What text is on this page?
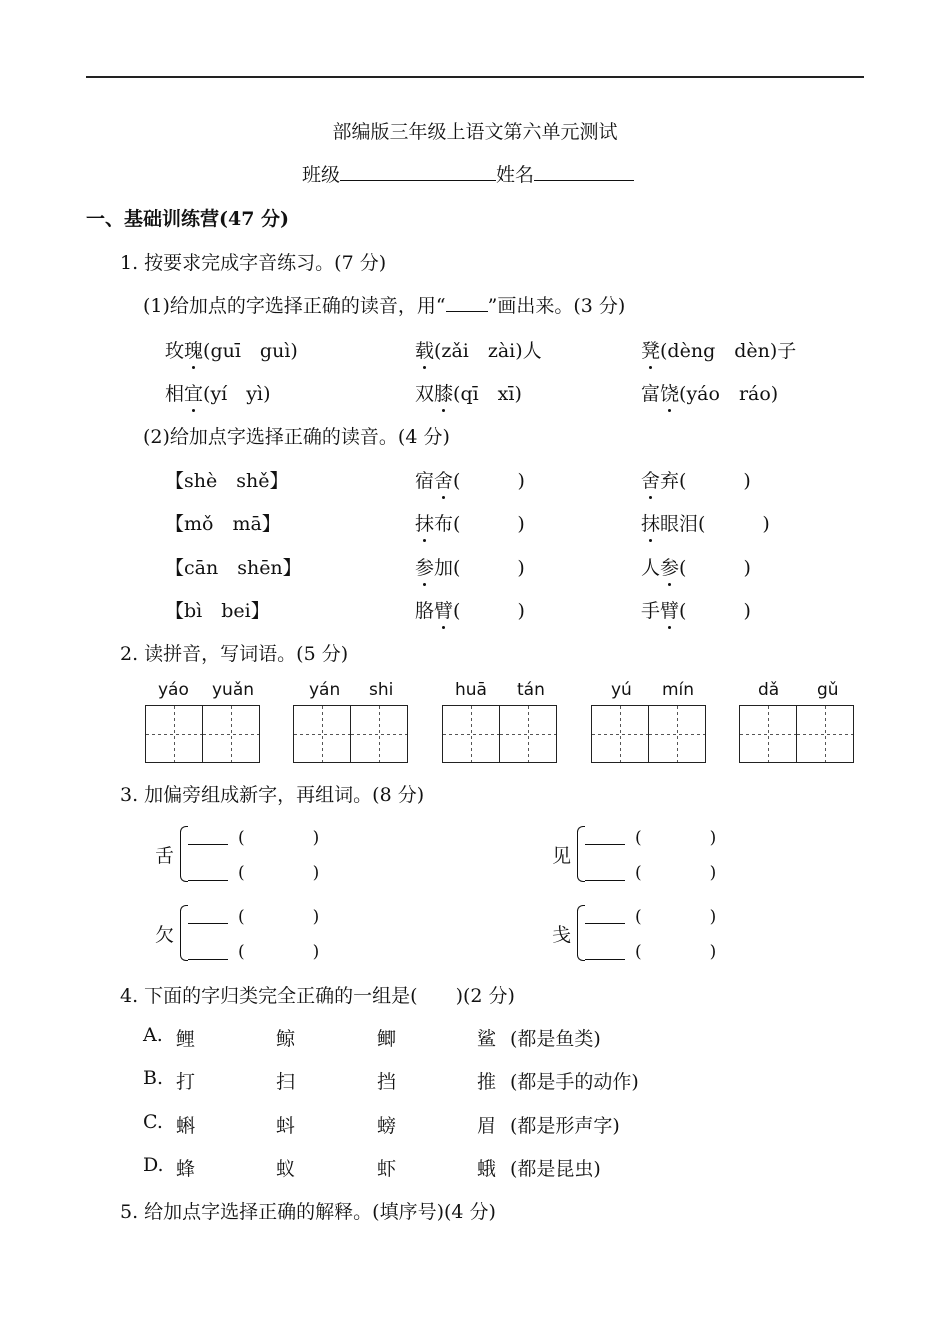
部编版三年级上语文第六单元测试
班级	姓名
一、基础训练营(47 分)
1. 按要求完成字音练习。(7 分)
(1)给加点的字选择正确的读音，用“ ”画出来。(3 分)
玫瑰(guī　guì)	载(zǎi　zài)人	凳(dèng　dèn)子
相宜(yí　yì)	双膝(qī　xī)	富饶(yáo　ráo)
(2)给加点字选择正确的读音。(4 分)
【shè　shě】	宿舍(　　　)	舍弃(　　　)
【mǒ　mā】	抹布(　　　)	抹眼泪(　　　)
【cān　shēn】	参加(　　　)	人参(　　　)
【bì　bei】	胳臂(　　　)	手臂(　　　)
2. 读拼音，写词语。(5 分)
yáo yuǎn	yán shi	huā tán	yú mín	dǎ gǔ
3. 加偏旁组成新字，再组词。(8 分)
舌
(　　　　)
(　　　　)
见
(　　　　)
(　　　　)
欠
(　　　　)
(　　　　)
戋
(　　　　)
(　　　　)
4. 下面的字归类完全正确的一组是(　　)(2 分)
A. 鲤	鲸	鲫	鲨 (都是鱼类)
B. 打	扫	挡	推 (都是手的动作)
C. 蝌	蚪	螃	眉 (都是形声字)
D. 蜂	蚁	虾	蛾 (都是昆虫)
5. 给加点字选择正确的解释。(填序号)(4 分)
